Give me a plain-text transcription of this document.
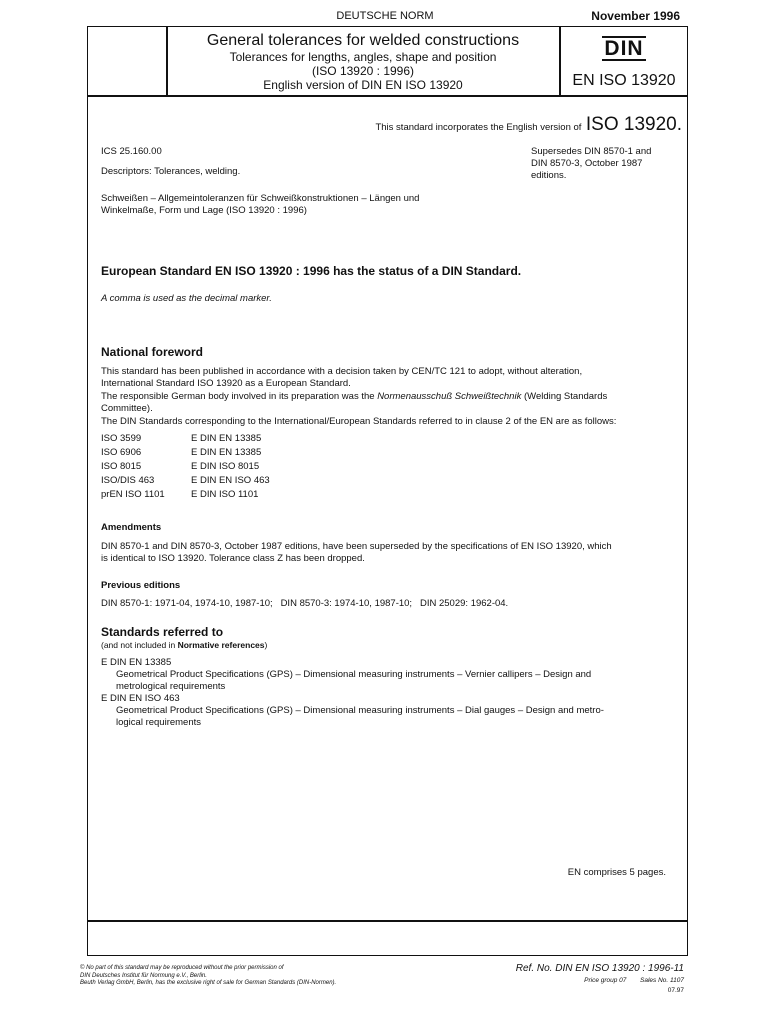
DEUTSCHE NORM	November 1996
General tolerances for welded constructions
Tolerances for lengths, angles, shape and position
(ISO 13920 : 1996)
English version of DIN EN ISO 13920
DIN
EN ISO 13920
This standard incorporates the English version of ISO 13920.
ICS 25.160.00	Supersedes DIN 8570-1 and
DIN 8570-3, October 1987
editions.
Descriptors: Tolerances, welding.
Schweißen – Allgemeintoleranzen für Schweißkonstruktionen – Längen und
Winkelmaße, Form und Lage (ISO 13920 : 1996)
European Standard EN ISO 13920 : 1996 has the status of a DIN Standard.
A comma is used as the decimal marker.
National foreword
This standard has been published in accordance with a decision taken by CEN/TC 121 to adopt, without alteration,
International Standard ISO 13920 as a European Standard.
The responsible German body involved in its preparation was the Normenausschuß Schweißtechnik (Welding Standards
Committee).
The DIN Standards corresponding to the International/European Standards referred to in clause 2 of the EN are as follows:
ISO 3599	E DIN EN 13385
ISO 6906	E DIN EN 13385
ISO 8015	E DIN ISO 8015
ISO/DIS 463	E DIN EN ISO 463
prEN ISO 1101	E DIN ISO 1101
Amendments
DIN 8570-1 and DIN 8570-3, October 1987 editions, have been superseded by the specifications of EN ISO 13920, which
is identical to ISO 13920. Tolerance class Z has been dropped.
Previous editions
DIN 8570-1: 1971-04, 1974-10, 1987-10;   DIN 8570-3: 1974-10, 1987-10;   DIN 25029: 1962-04.
Standards referred to
(and not included in Normative references)
E DIN EN 13385
Geometrical Product Specifications (GPS) – Dimensional measuring instruments – Vernier callipers – Design and
metrological requirements
E DIN EN ISO 463
Geometrical Product Specifications (GPS) – Dimensional measuring instruments – Dial gauges – Design and metro-
logical requirements
EN comprises 5 pages.
© No part of this standard may be reproduced without the prior permission of
DIN Deutsches Institut für Normung e.V., Berlin.
Beuth Verlag GmbH, Berlin, has the exclusive right of sale for German Standards (DIN-Normen).
Ref. No. DIN EN ISO 13920 : 1996-11
Price group 07 Sales No. 1107
07.97
